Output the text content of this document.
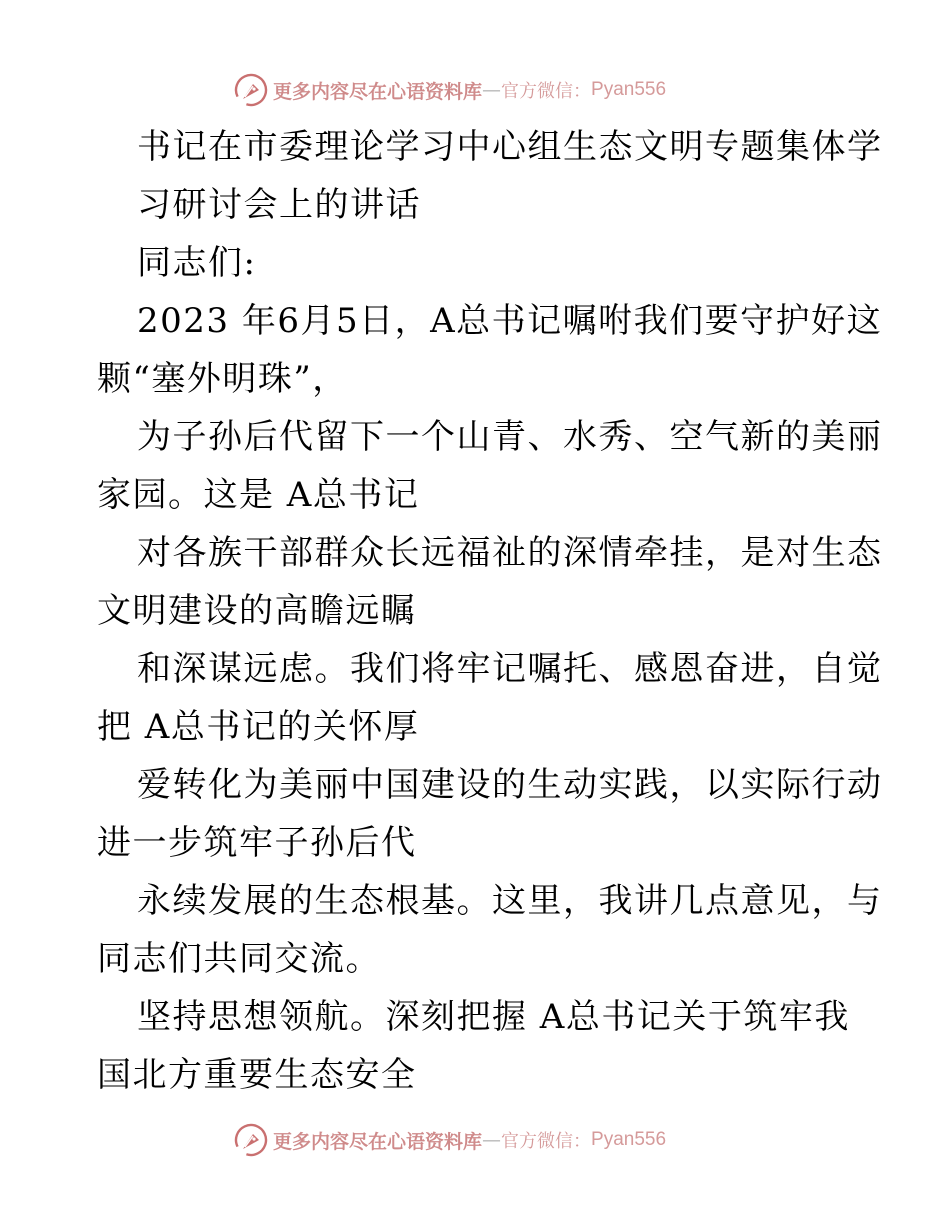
更多内容尽在心语资料库 — 官方微信： Pyan556
书记在市委理论学习中心组生态文明专题集体学
习研讨会上的讲话
同志们:
2023 年6月5日，A总书记嘱咐我们要守护好这
颗“塞外明珠”，
为子孙后代留下一个山青、水秀、空气新的美丽
家园。这是 A总书记
对各族干部群众长远福祉的深情牵挂，是对生态
文明建设的高瞻远瞩
和深谋远虑。我们将牢记嘱托、感恩奋进，自觉
把 A总书记的关怀厚
爱转化为美丽中国建设的生动实践，以实际行动
进一步筑牢子孙后代
永续发展的生态根基。这里，我讲几点意见，与
同志们共同交流。
坚持思想领航。深刻把握 A总书记关于筑牢我
国北方重要生态安全
更多内容尽在心语资料库 — 官方微信： Pyan556
